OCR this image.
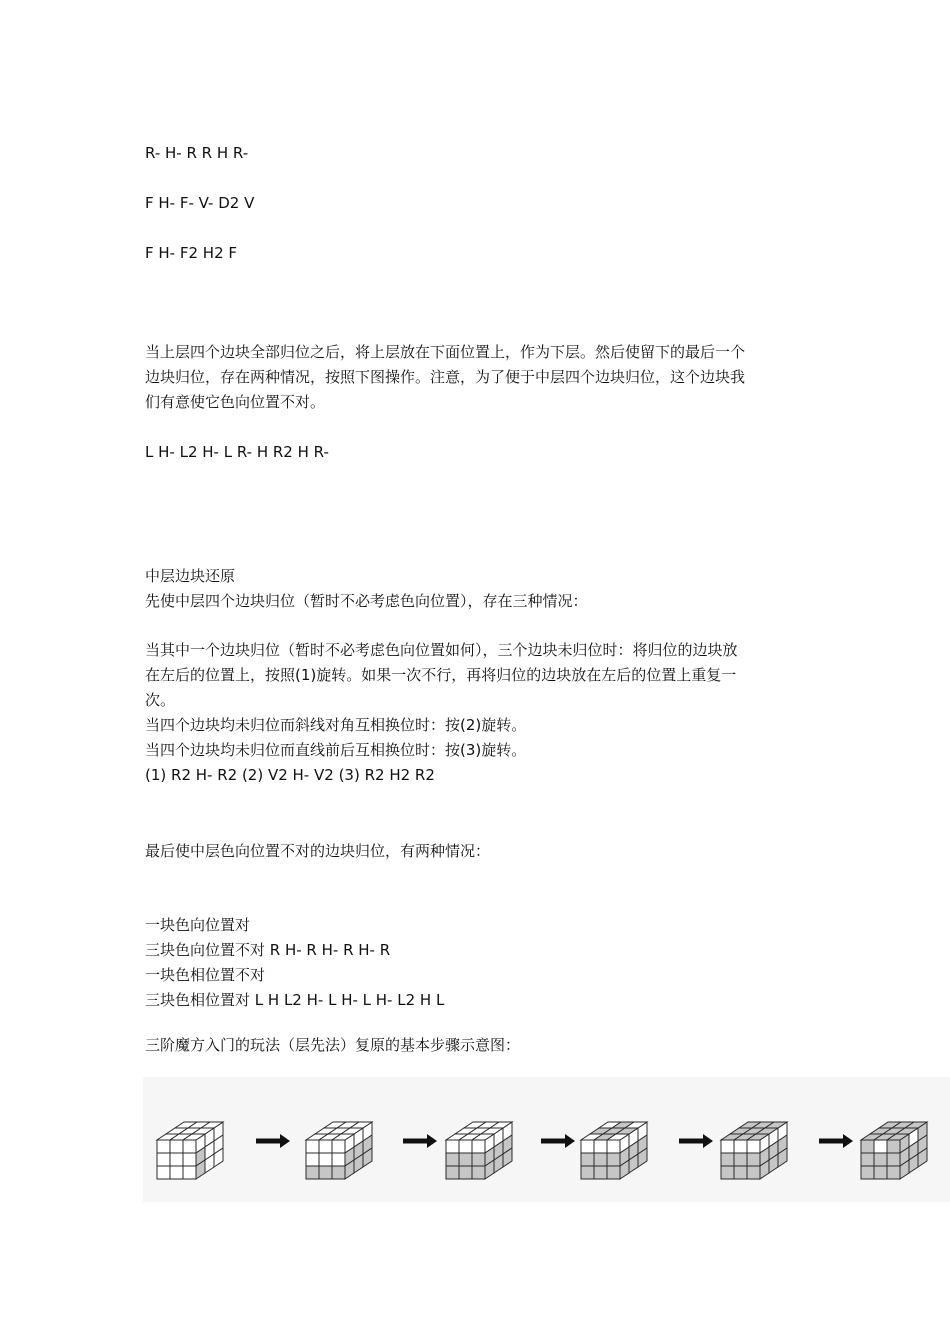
R- H- R R H R-
F H- F- V- D2 V
F H- F2 H2 F
当上层四个边块全部归位之后，将上层放在下面位置上，作为下层。然后使留下的最后一个
边块归位，存在两种情况，按照下图操作。注意，为了便于中层四个边块归位，这个边块我
们有意使它色向位置不对。
L H- L2 H- L R- H R2 H R-
中层边块还原
先使中层四个边块归位（暂时不必考虑色向位置），存在三种情况：
当其中一个边块归位（暂时不必考虑色向位置如何），三个边块未归位时：将归位的边块放
在左后的位置上，按照(1)旋转。如果一次不行，再将归位的边块放在左后的位置上重复一
次。
当四个边块均未归位而斜线对角互相换位时：按(2)旋转。
当四个边块均未归位而直线前后互相换位时：按(3)旋转。
(1) R2 H- R2 (2) V2 H- V2 (3) R2 H2 R2
最后使中层色向位置不对的边块归位，有两种情况：
一块色向位置对
三块色向位置不对 R H- R H- R H- R
一块色相位置不对
三块色相位置对 L H L2 H- L H- L H- L2 H L
三阶魔方入门的玩法（层先法）复原的基本步骤示意图：
